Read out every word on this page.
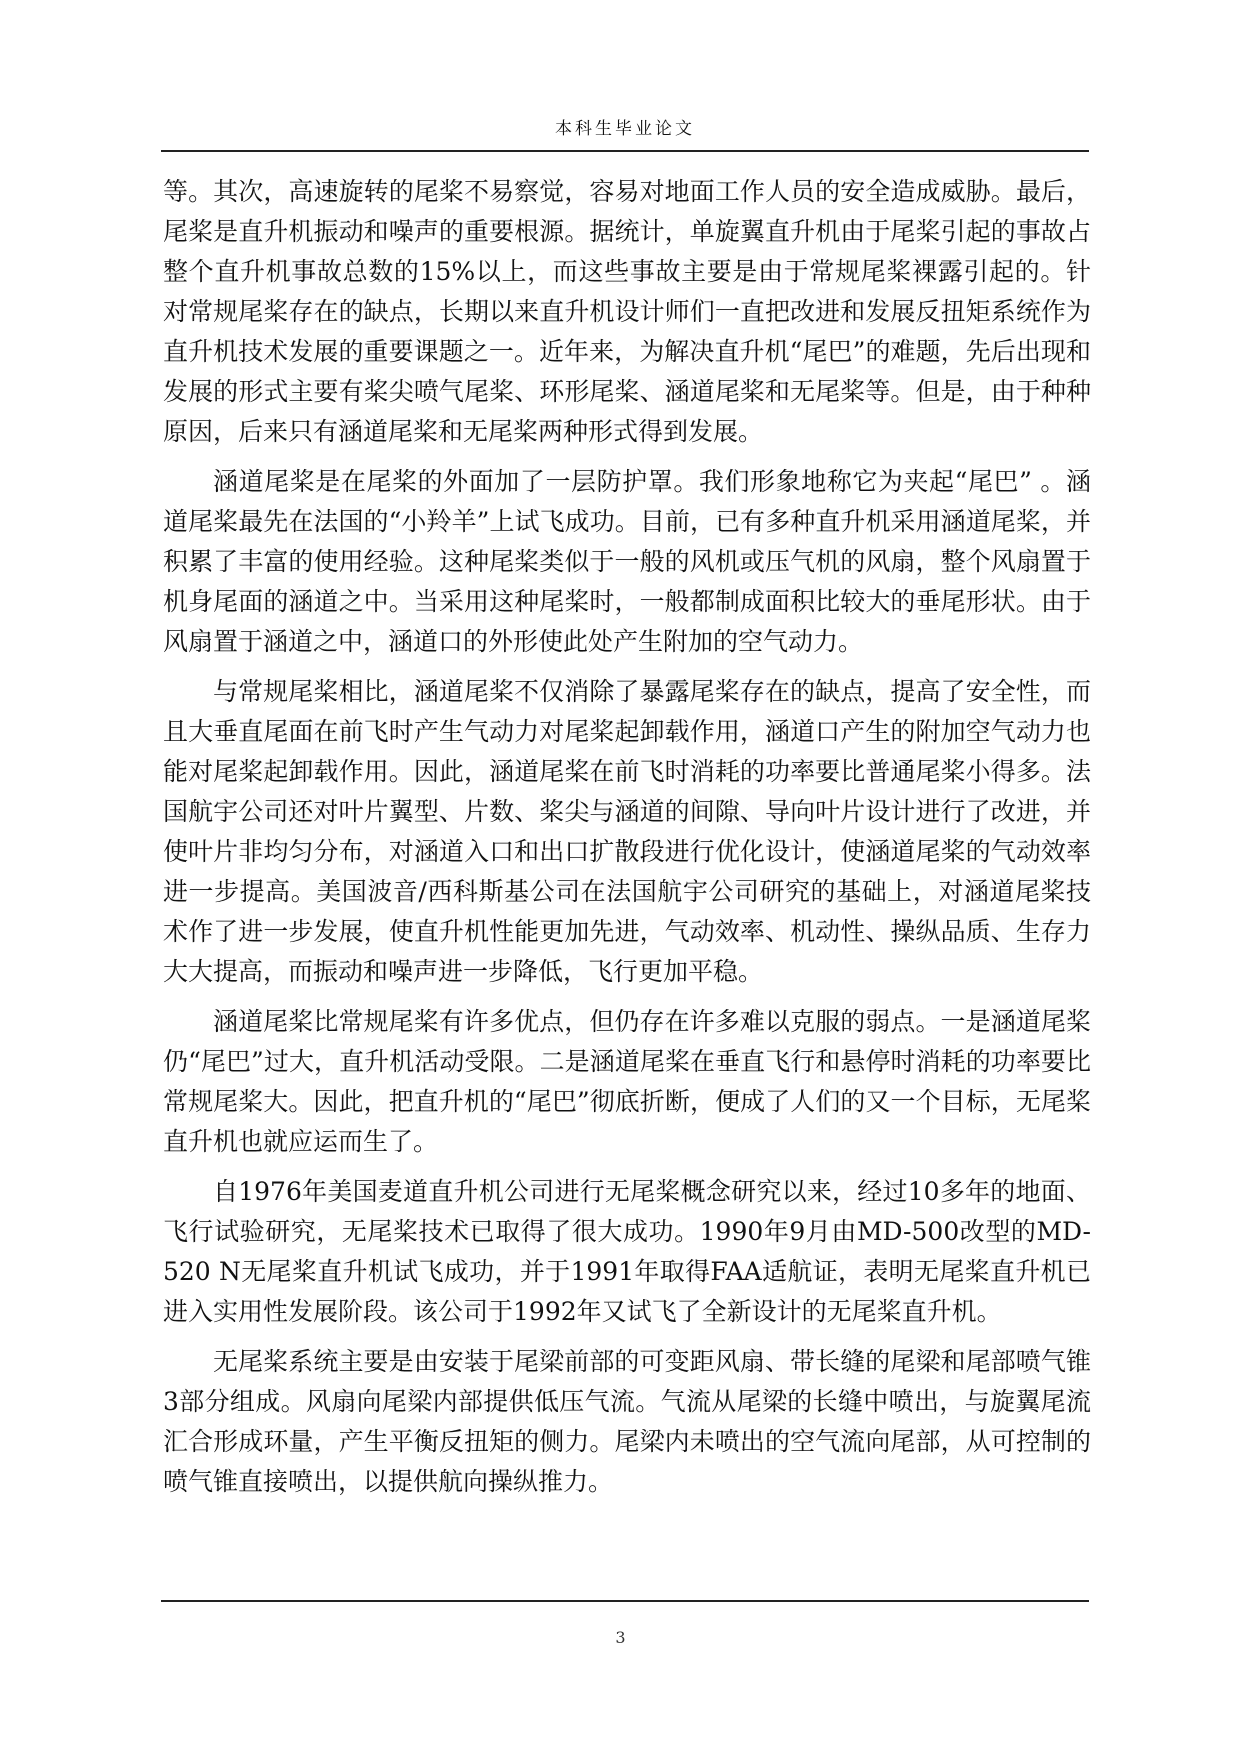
本科生毕业论文

等。其次，高速旋转的尾桨不易察觉，容易对地面工作人员的安全造成威胁。最后，尾桨是直升机振动和噪声的重要根源。据统计，单旋翼直升机由于尾桨引起的事故占整个直升机事故总数的15%以上，而这些事故主要是由于常规尾桨裸露引起的。针对常规尾桨存在的缺点，长期以来直升机设计师们一直把改进和发展反扭矩系统作为直升机技术发展的重要课题之一。近年来，为解决直升机“尾巴”的难题，先后出现和发展的形式主要有桨尖喷气尾桨、环形尾桨、涵道尾桨和无尾桨等。但是，由于种种原因，后来只有涵道尾桨和无尾桨两种形式得到发展。

涵道尾桨是在尾桨的外面加了一层防护罩。我们形象地称它为夹起“尾巴” 。涵道尾桨最先在法国的“小羚羊”上试飞成功。目前，已有多种直升机采用涵道尾桨，并积累了丰富的使用经验。这种尾桨类似于一般的风机或压气机的风扇，整个风扇置于机身尾面的涵道之中。当采用这种尾桨时，一般都制成面积比较大的垂尾形状。由于风扇置于涵道之中，涵道口的外形使此处产生附加的空气动力。

与常规尾桨相比，涵道尾桨不仅消除了暴露尾桨存在的缺点，提高了安全性，而且大垂直尾面在前飞时产生气动力对尾桨起卸载作用，涵道口产生的附加空气动力也能对尾桨起卸载作用。因此，涵道尾桨在前飞时消耗的功率要比普通尾桨小得多。法国航宇公司还对叶片翼型、片数、桨尖与涵道的间隙、导向叶片设计进行了改进，并使叶片非均匀分布，对涵道入口和出口扩散段进行优化设计，使涵道尾桨的气动效率进一步提高。美国波音/西科斯基公司在法国航宇公司研究的基础上，对涵道尾桨技术作了进一步发展，使直升机性能更加先进，气动效率、机动性、操纵品质、生存力大大提高，而振动和噪声进一步降低，飞行更加平稳。

涵道尾桨比常规尾桨有许多优点，但仍存在许多难以克服的弱点。一是涵道尾桨仍“尾巴”过大，直升机活动受限。二是涵道尾桨在垂直飞行和悬停时消耗的功率要比常规尾桨大。因此，把直升机的“尾巴”彻底折断，便成了人们的又一个目标，无尾桨直升机也就应运而生了。

自1976年美国麦道直升机公司进行无尾桨概念研究以来，经过10多年的地面、飞行试验研究，无尾桨技术已取得了很大成功。1990年9月由MD-500改型的MD-520 N无尾桨直升机试飞成功，并于1991年取得FAA适航证，表明无尾桨直升机已进入实用性发展阶段。该公司于1992年又试飞了全新设计的无尾桨直升机。

无尾桨系统主要是由安装于尾梁前部的可变距风扇、带长缝的尾梁和尾部喷气锥3部分组成。风扇向尾梁内部提供低压气流。气流从尾梁的长缝中喷出，与旋翼尾流汇合形成环量，产生平衡反扭矩的侧力。尾梁内未喷出的空气流向尾部，从可控制的喷气锥直接喷出，以提供航向操纵推力。

3
